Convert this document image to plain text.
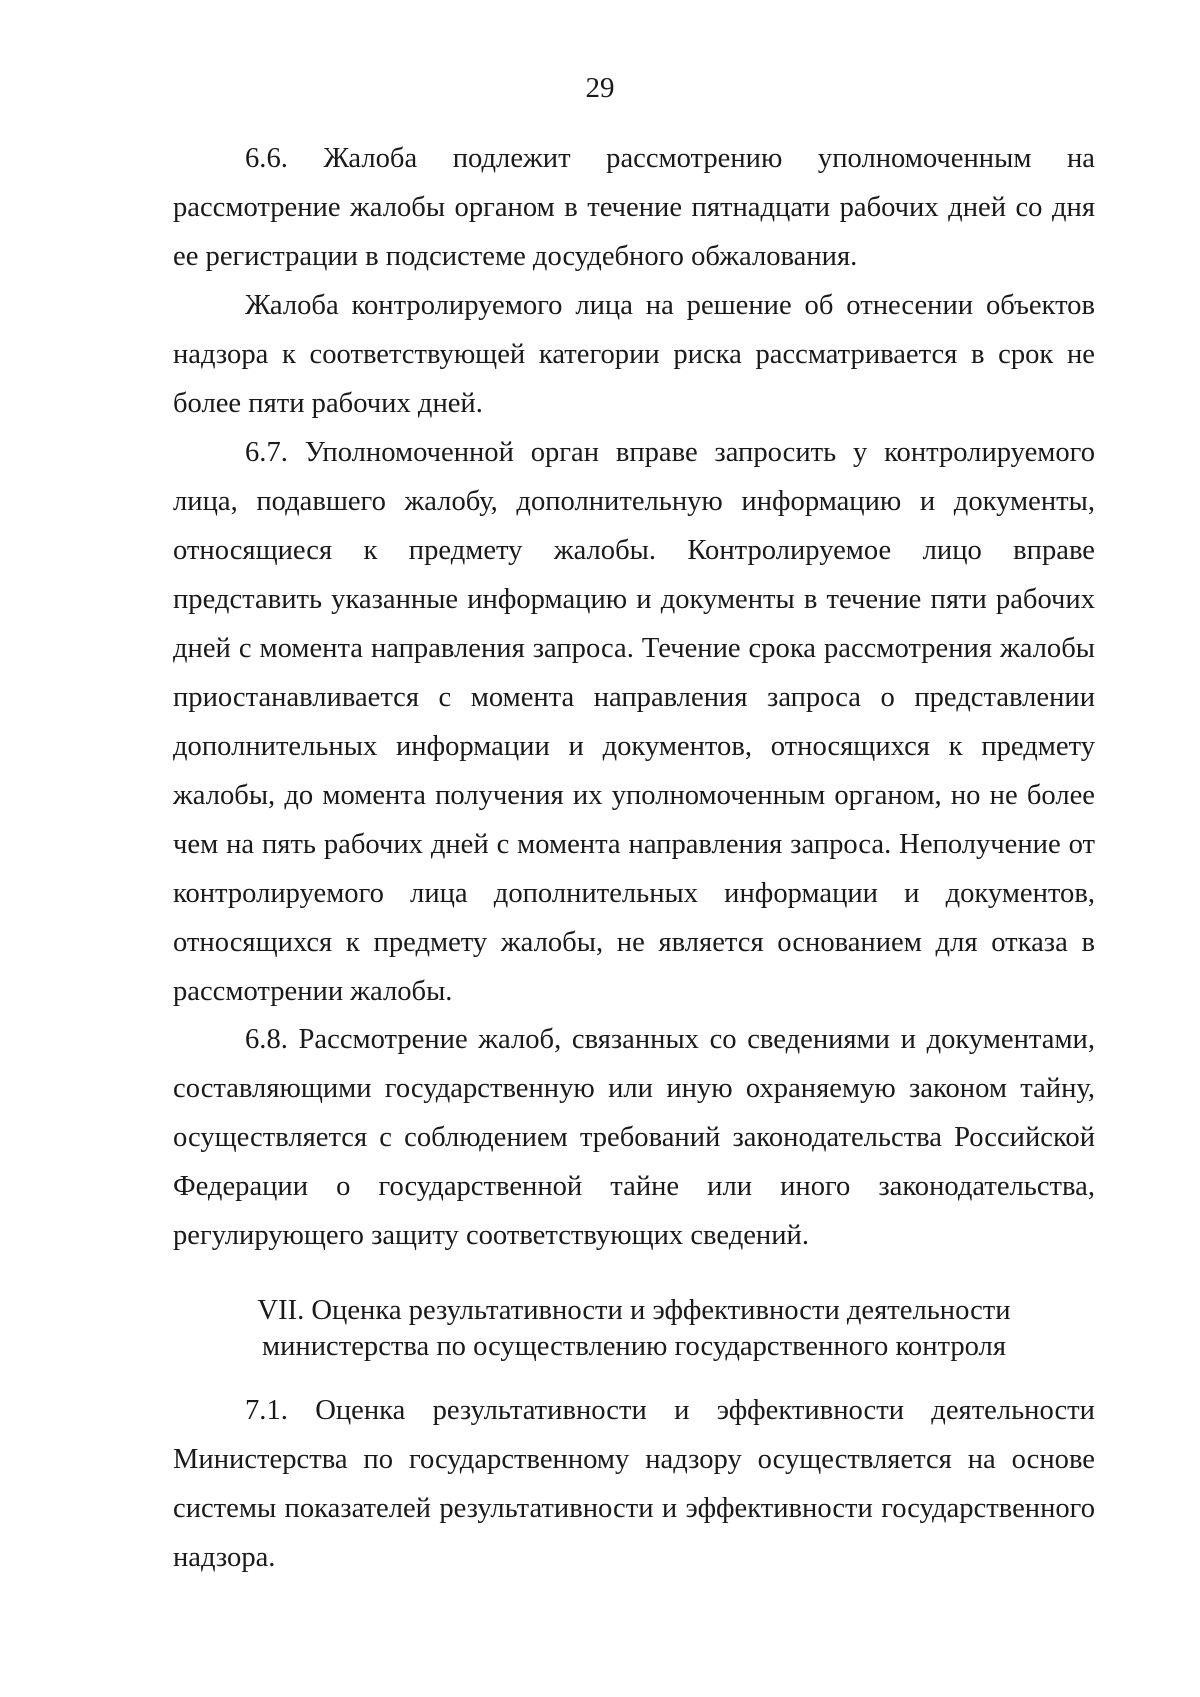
29

6.6. Жалоба подлежит рассмотрению уполномоченным на рассмотрение жалобы органом в течение пятнадцати рабочих дней со дня ее регистрации в подсистеме досудебного обжалования.

Жалоба контролируемого лица на решение об отнесении объектов надзора к соответствующей категории риска рассматривается в срок не более пяти рабочих дней.

6.7. Уполномоченной орган вправе запросить у контролируемого лица, подавшего жалобу, дополнительную информацию и документы, относящиеся к предмету жалобы. Контролируемое лицо вправе представить указанные информацию и документы в течение пяти рабочих дней с момента направления запроса. Течение срока рассмотрения жалобы приостанавливается с момента направления запроса о представлении дополнительных информации и документов, относящихся к предмету жалобы, до момента получения их уполномоченным органом, но не более чем на пять рабочих дней с момента направления запроса. Неполучение от контролируемого лица дополнительных информации и документов, относящихся к предмету жалобы, не является основанием для отказа в рассмотрении жалобы.

6.8. Рассмотрение жалоб, связанных со сведениями и документами, составляющими государственную или иную охраняемую законом тайну, осуществляется с соблюдением требований законодательства Российской Федерации о государственной тайне или иного законодательства, регулирующего защиту соответствующих сведений.

VII. Оценка результативности и эффективности деятельности
министерства по осуществлению государственного контроля

7.1. Оценка результативности и эффективности деятельности Министерства по государственному надзору осуществляется на основе системы показателей результативности и эффективности государственного надзора.
